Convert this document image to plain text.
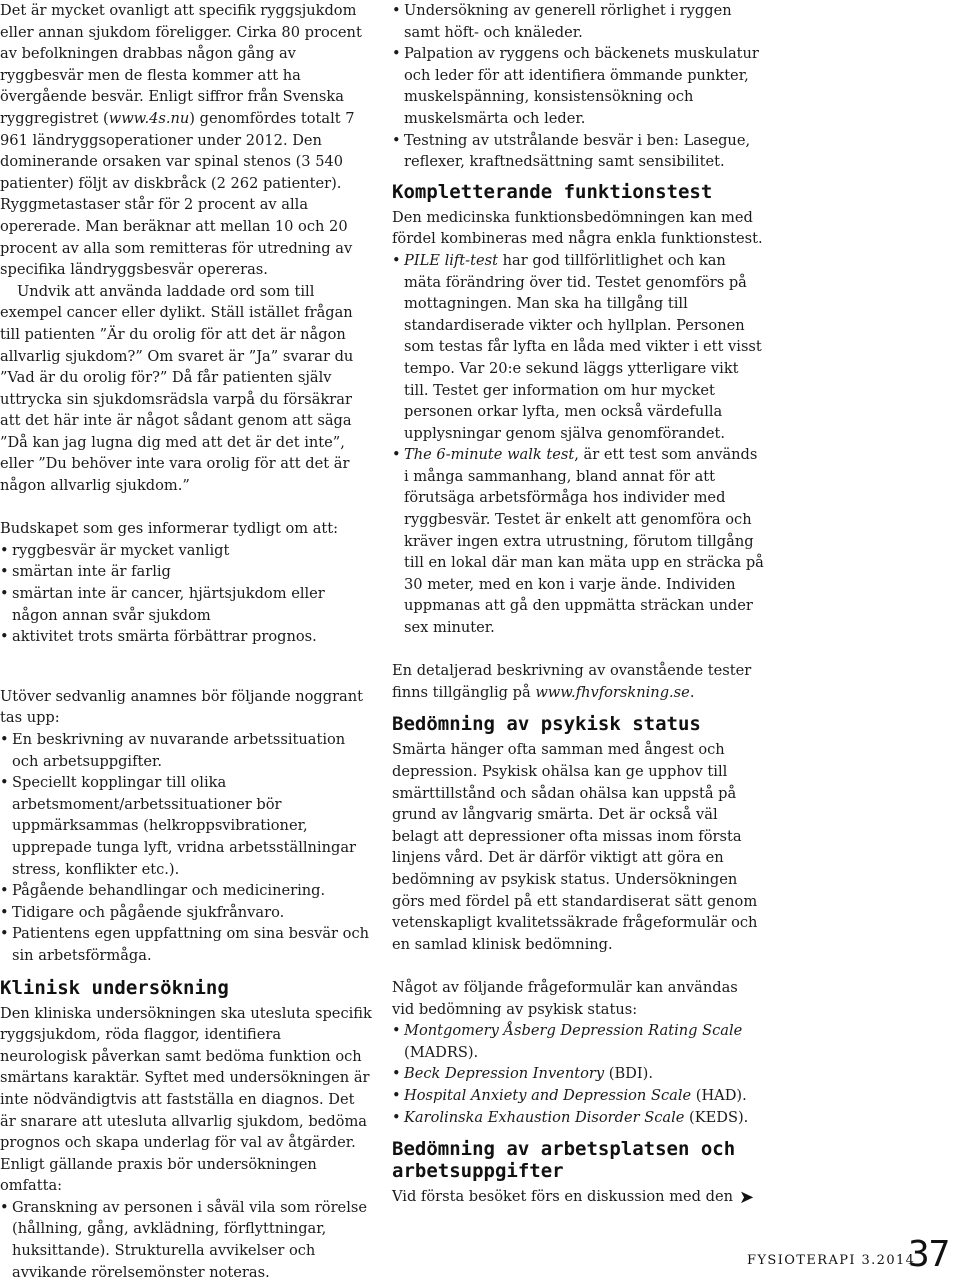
Det är mycket ovanligt att specifik ryggsjukdom eller annan sjukdom föreligger. Cirka 80 procent av befolkningen drabbas någon gång av ryggbesvär men de flesta kommer att ha övergående besvär. Enligt siffror från Svenska ryggregistret (www.4s.nu) genomfördes totalt 7 961 ländryggsoperationer under 2012. Den dominerande orsaken var spinal stenos (3 540 patienter) följt av diskbråck (2 262 patienter). Ryggmetastaser står för 2 procent av alla opererade. Man beräknar att mellan 10 och 20 procent av alla som remitteras för utredning av specifika ländryggsbesvär opereras.

Undvik att använda laddade ord som till exempel cancer eller dylikt. Ställ istället frågan till patienten ”Är du orolig för att det är någon allvarlig sjukdom?” Om svaret är ”Ja” svarar du ”Vad är du orolig för?” Då får patienten själv uttrycka sin sjukdomsrädsla varpå du försäkrar att det här inte är något sådant genom att säga ”Då kan jag lugna dig med att det är det inte”, eller ”Du behöver inte vara orolig för att det är någon allvarlig sjukdom.”

Budskapet som ges informerar tydligt om att:

• ryggbesvär är mycket vanligt
• smärtan inte är farlig
• smärtan inte är cancer, hjärtsjukdom eller någon annan svår sjukdom
• aktivitet trots smärta förbättrar prognos.

Utöver sedvanlig anamnes bör följande noggrant tas upp:

• En beskrivning av nuvarande arbetssituation och arbetsuppgifter.
• Speciellt kopplingar till olika arbetsmoment/arbetssituationer bör uppmärksammas (helkroppsvibrationer, upprepade tunga lyft, vridna arbetsställningar stress, konflikter etc.).
• Pågående behandlingar och medicinering.
• Tidigare och pågående sjukfrånvaro.
• Patientens egen uppfattning om sina besvär och sin arbetsförmåga.
Klinisk undersökning

Den kliniska undersökningen ska utesluta specifik ryggsjukdom, röda flaggor, identifiera neurologisk påverkan samt bedöma funktion och smärtans karaktär. Syftet med undersökningen är inte nödvändigtvis att fastställa en diagnos. Det är snarare att utesluta allvarlig sjukdom, bedöma prognos och skapa underlag för val av åtgärder. Enligt gällande praxis bör undersökningen omfatta:

• Granskning av personen i såväl vila som rörelse (hållning, gång, avklädning, förflyttningar, huksittande). Strukturella avvikelser och avvikande rörelsemönster noteras.
• Undersökning av generell rörlighet i ryggen samt höft- och knäleder.
• Palpation av ryggens och bäckenets muskulatur och leder för att identifiera ömmande punkter, muskelspänning, konsistensökning och muskelsmärta och leder.
• Testning av utstrålande besvär i ben: Lasegue, reflexer, kraftnedsättning samt sensibilitet.
Kompletterande funktionstest

Den medicinska funktionsbedömningen kan med fördel kombineras med några enkla funktionstest.

• PILE lift-test har god tillförlitlighet och kan mäta förändring över tid. Testet genomförs på mottagningen. Man ska ha tillgång till standardiserade vikter och hyllplan. Personen som testas får lyfta en låda med vikter i ett visst tempo. Var 20:e sekund läggs ytterligare vikt till. Testet ger information om hur mycket personen orkar lyfta, men också värdefulla upplysningar genom själva genomförandet.
• The 6-minute walk test, är ett test som används i många sammanhang, bland annat för att förutsäga arbetsförmåga hos individer med ryggbesvär. Testet är enkelt att genomföra och kräver ingen extra utrustning, förutom tillgång till en lokal där man kan mäta upp en sträcka på 30 meter, med en kon i varje ände. Individen uppmanas att gå den uppmätta sträckan under sex minuter.

En detaljerad beskrivning av ovanstående tester finns tillgänglig på www.fhvforskning.se.

Bedömning av psykisk status

Smärta hänger ofta samman med ångest och depression. Psykisk ohälsa kan ge upphov till smärttillstånd och sådan ohälsa kan uppstå på grund av långvarig smärta. Det är också väl belagt att depressioner ofta missas inom första linjens vård. Det är därför viktigt att göra en bedömning av psykisk status. Undersökningen görs med fördel på ett standardiserat sätt genom vetenskapligt kvalitetssäkrade frågeformulär och en samlad klinisk bedömning.

Något av följande frågeformulär kan användas vid bedömning av psykisk status:

• Montgomery Åsberg Depression Rating Scale (MADRS).
• Beck Depression Inventory (BDI).
• Hospital Anxiety and Depression Scale (HAD).
• Karolinska Exhaustion Disorder Scale (KEDS).
Bedömning av arbetsplatsen och arbetsuppgifter

Vid första besöket förs en diskussion med den ➤
FYSIOTERAPI 3.2014
37
